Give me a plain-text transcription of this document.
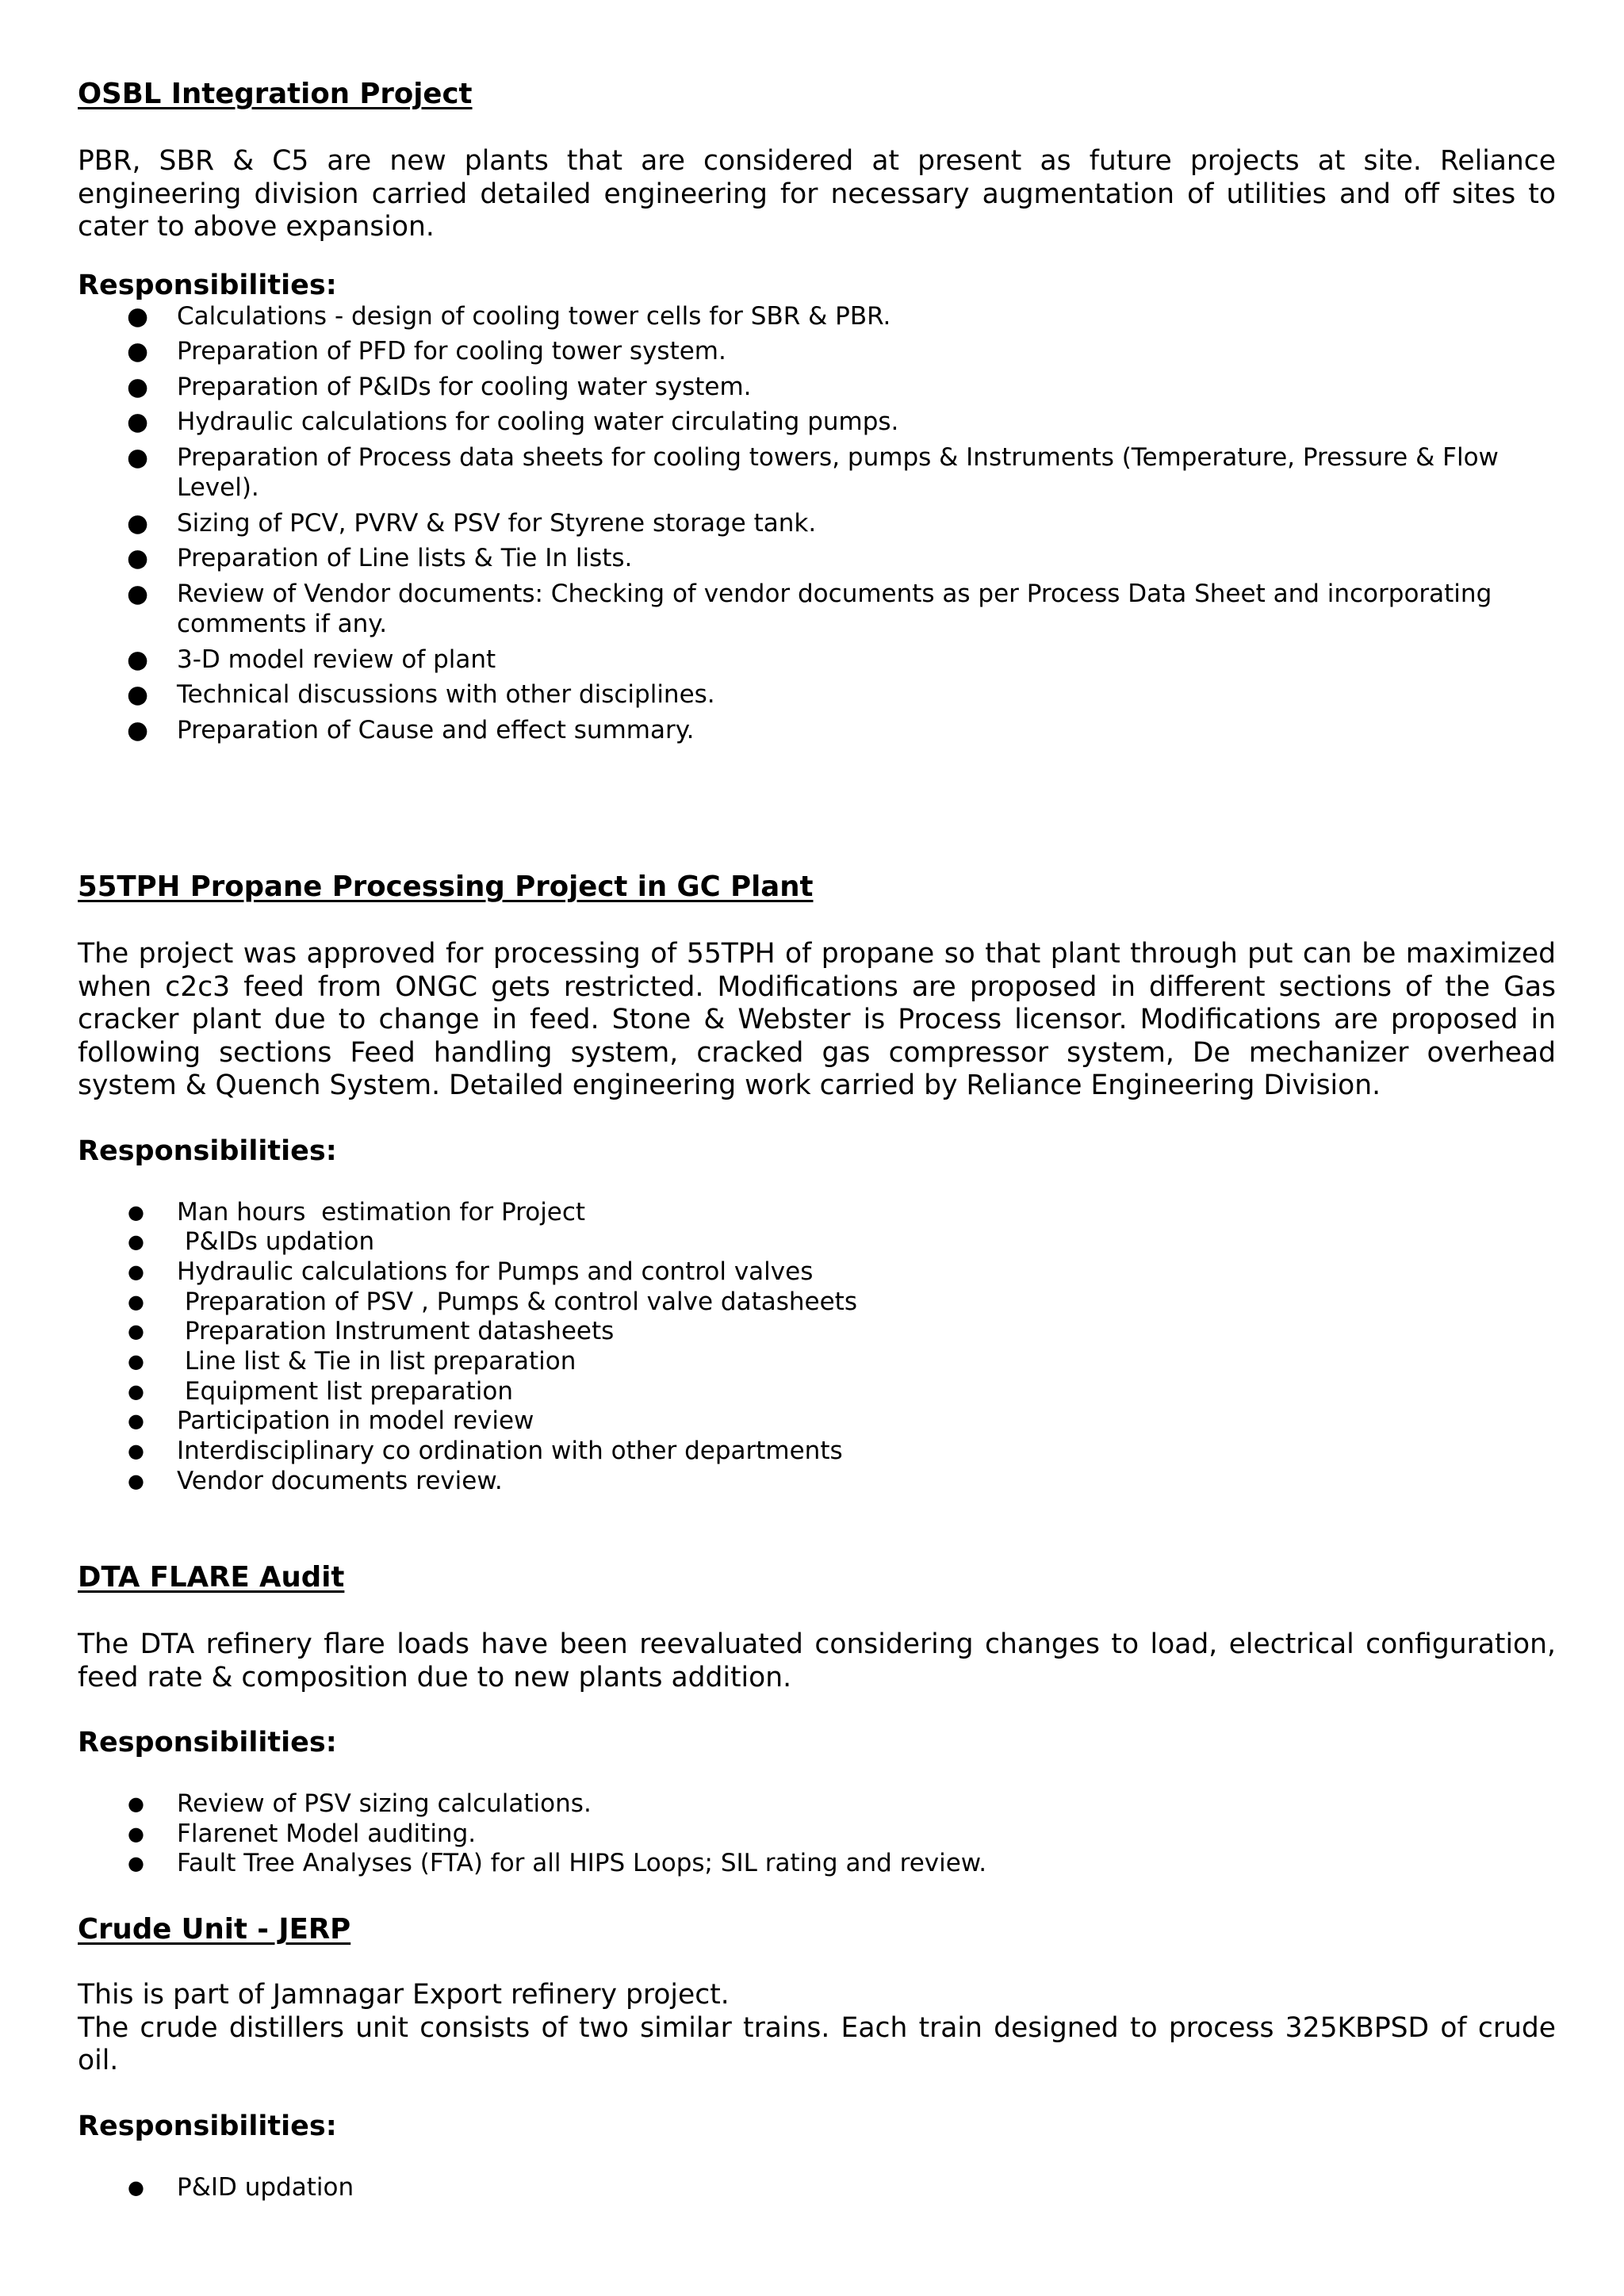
OSBL Integration Project

PBR, SBR & C5 are new plants that are considered at present as future projects at site. Reliance engineering division carried detailed engineering for necessary augmentation of utilities and off sites to cater to above expansion.

Responsibilities:

● Calculations - design of cooling tower cells for SBR & PBR.
● Preparation of PFD for cooling tower system.
● Preparation of P&IDs for cooling water system.
● Hydraulic calculations for cooling water circulating pumps.
● Preparation of Process data sheets for cooling towers, pumps & Instruments (Temperature, Pressure & Flow Level).
● Sizing of PCV, PVRV & PSV for Styrene storage tank.
● Preparation of Line lists & Tie In lists.
● Review of Vendor documents: Checking of vendor documents as per Process Data Sheet and incorporating comments if any.
● 3-D model review of plant
● Technical discussions with other disciplines.
● Preparation of Cause and effect summary.

55TPH Propane Processing Project in GC Plant

The project was approved for processing of 55TPH of propane so that plant through put can be maximized when c2c3 feed from ONGC gets restricted. Modifications are proposed in different sections of the Gas cracker plant due to change in feed. Stone & Webster is Process licensor. Modifications are proposed in following sections Feed handling system, cracked gas compressor system, De mechanizer overhead system & Quench System. Detailed engineering work carried by Reliance Engineering Division.

Responsibilities:

● Man hours  estimation for Project
● P&IDs updation
● Hydraulic calculations for Pumps and control valves
● Preparation of PSV , Pumps & control valve datasheets
● Preparation Instrument datasheets
● Line list & Tie in list preparation
● Equipment list preparation
● Participation in model review
● Interdisciplinary co ordination with other departments
● Vendor documents review.

DTA FLARE Audit

The DTA refinery flare loads have been reevaluated considering changes to load, electrical configuration, feed rate & composition due to new plants addition.

Responsibilities:

● Review of PSV sizing calculations.
● Flarenet Model auditing.
● Fault Tree Analyses (FTA) for all HIPS Loops; SIL rating and review.

Crude Unit - JERP

This is part of Jamnagar Export refinery project.

The crude distillers unit consists of two similar trains. Each train designed to process 325KBPSD of crude oil.

Responsibilities:

● P&ID updation
